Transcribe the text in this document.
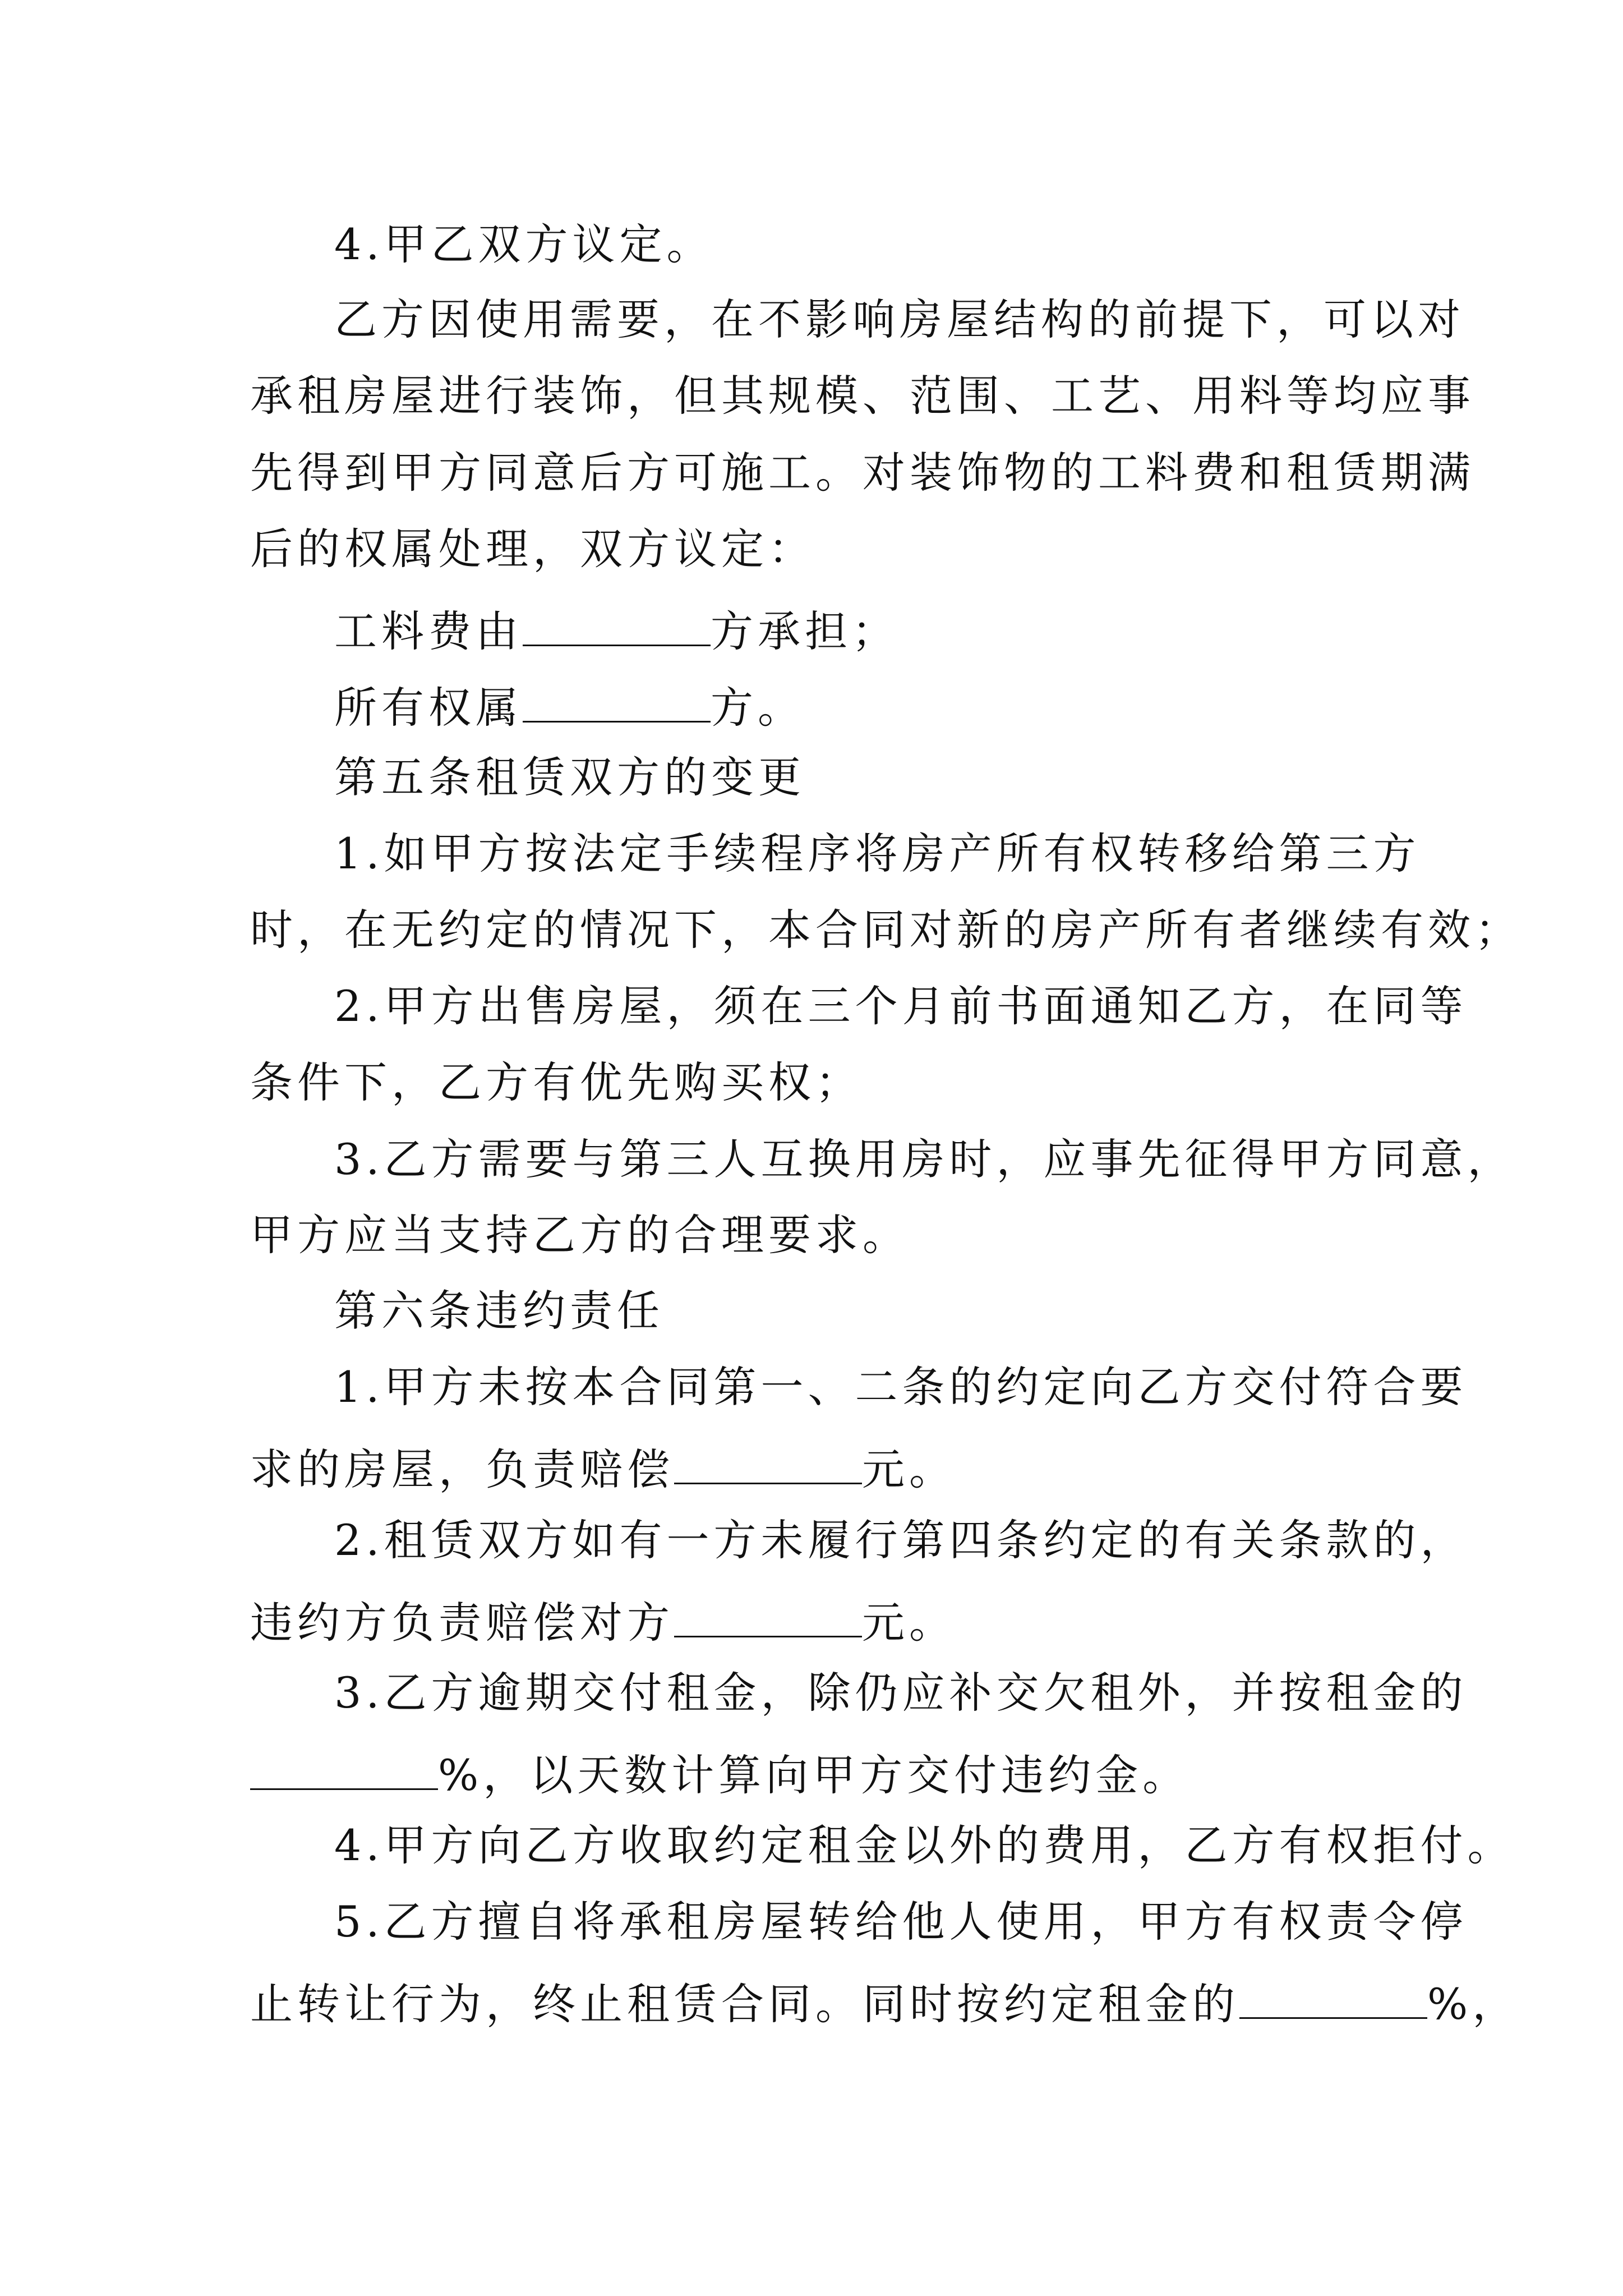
4.甲乙双方议定。

乙方因使用需要，在不影响房屋结构的前提下，可以对

承租房屋进行装饰，但其规模、范围、工艺、用料等均应事

先得到甲方同意后方可施工。对装饰物的工料费和租赁期满

后的权属处理，双方议定：

工料费由	方承担；

所有权属	方。

第五条租赁双方的变更

1.如甲方按法定手续程序将房产所有权转移给第三方

时，在无约定的情况下，本合同对新的房产所有者继续有效；

2.甲方出售房屋，须在三个月前书面通知乙方，在同等

条件下，乙方有优先购买权；

3.乙方需要与第三人互换用房时，应事先征得甲方同意，

甲方应当支持乙方的合理要求。

第六条违约责任

1.甲方未按本合同第一、二条的约定向乙方交付符合要

求的房屋，负责赔偿	元。

2.租赁双方如有一方未履行第四条约定的有关条款的，

违约方负责赔偿对方	元。

3.乙方逾期交付租金，除仍应补交欠租外，并按租金的

%，以天数计算向甲方交付违约金。

4.甲方向乙方收取约定租金以外的费用，乙方有权拒付。

5.乙方擅自将承租房屋转给他人使用，甲方有权责令停

止转让行为，终止租赁合同。同时按约定租金的	%，
